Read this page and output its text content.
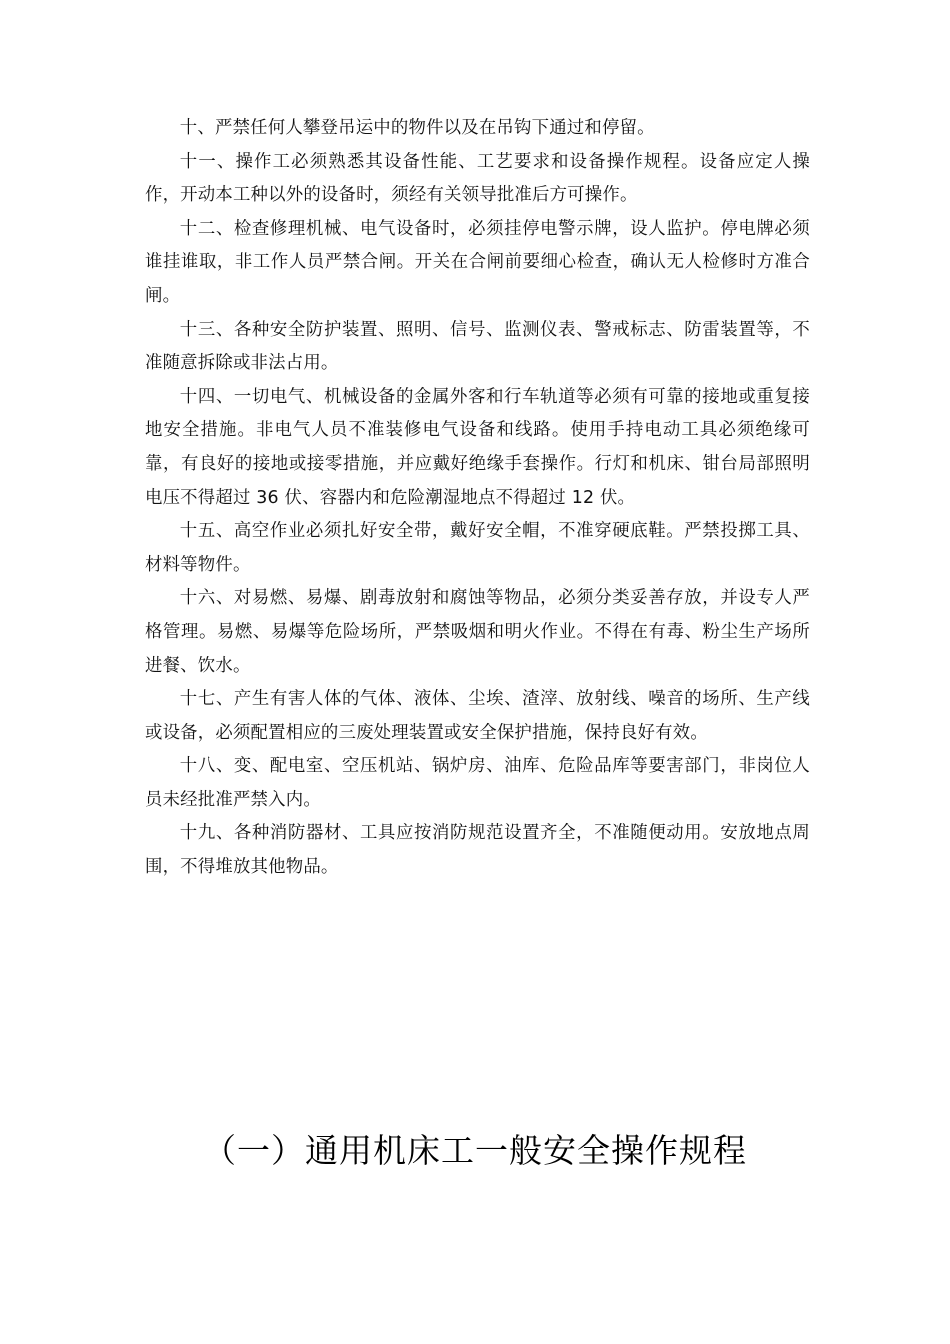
十、严禁任何人攀登吊运中的物件以及在吊钩下通过和停留。

十一、操作工必须熟悉其设备性能、工艺要求和设备操作规程。设备应定人操作，开动本工种以外的设备时，须经有关领导批准后方可操作。

十二、检查修理机械、电气设备时，必须挂停电警示牌，设人监护。停电牌必须谁挂谁取，非工作人员严禁合闸。开关在合闸前要细心检查，确认无人检修时方准合闸。

十三、各种安全防护装置、照明、信号、监测仪表、警戒标志、防雷装置等，不准随意拆除或非法占用。

十四、一切电气、机械设备的金属外客和行车轨道等必须有可靠的接地或重复接地安全措施。非电气人员不准装修电气设备和线路。使用手持电动工具必须绝缘可靠，有良好的接地或接零措施，并应戴好绝缘手套操作。行灯和机床、钳台局部照明电压不得超过 36 伏、容器内和危险潮湿地点不得超过 12 伏。

十五、高空作业必须扎好安全带，戴好安全帽，不准穿硬底鞋。严禁投掷工具、材料等物件。

十六、对易燃、易爆、剧毒放射和腐蚀等物品，必须分类妥善存放，并设专人严格管理。易燃、易爆等危险场所，严禁吸烟和明火作业。不得在有毒、粉尘生产场所进餐、饮水。

十七、产生有害人体的气体、液体、尘埃、渣滓、放射线、噪音的场所、生产线或设备，必须配置相应的三废处理装置或安全保护措施，保持良好有效。

十八、变、配电室、空压机站、锅炉房、油库、危险品库等要害部门，非岗位人员未经批准严禁入内。

十九、各种消防器材、工具应按消防规范设置齐全，不准随便动用。安放地点周围，不得堆放其他物品。

（一）通用机床工一般安全操作规程
